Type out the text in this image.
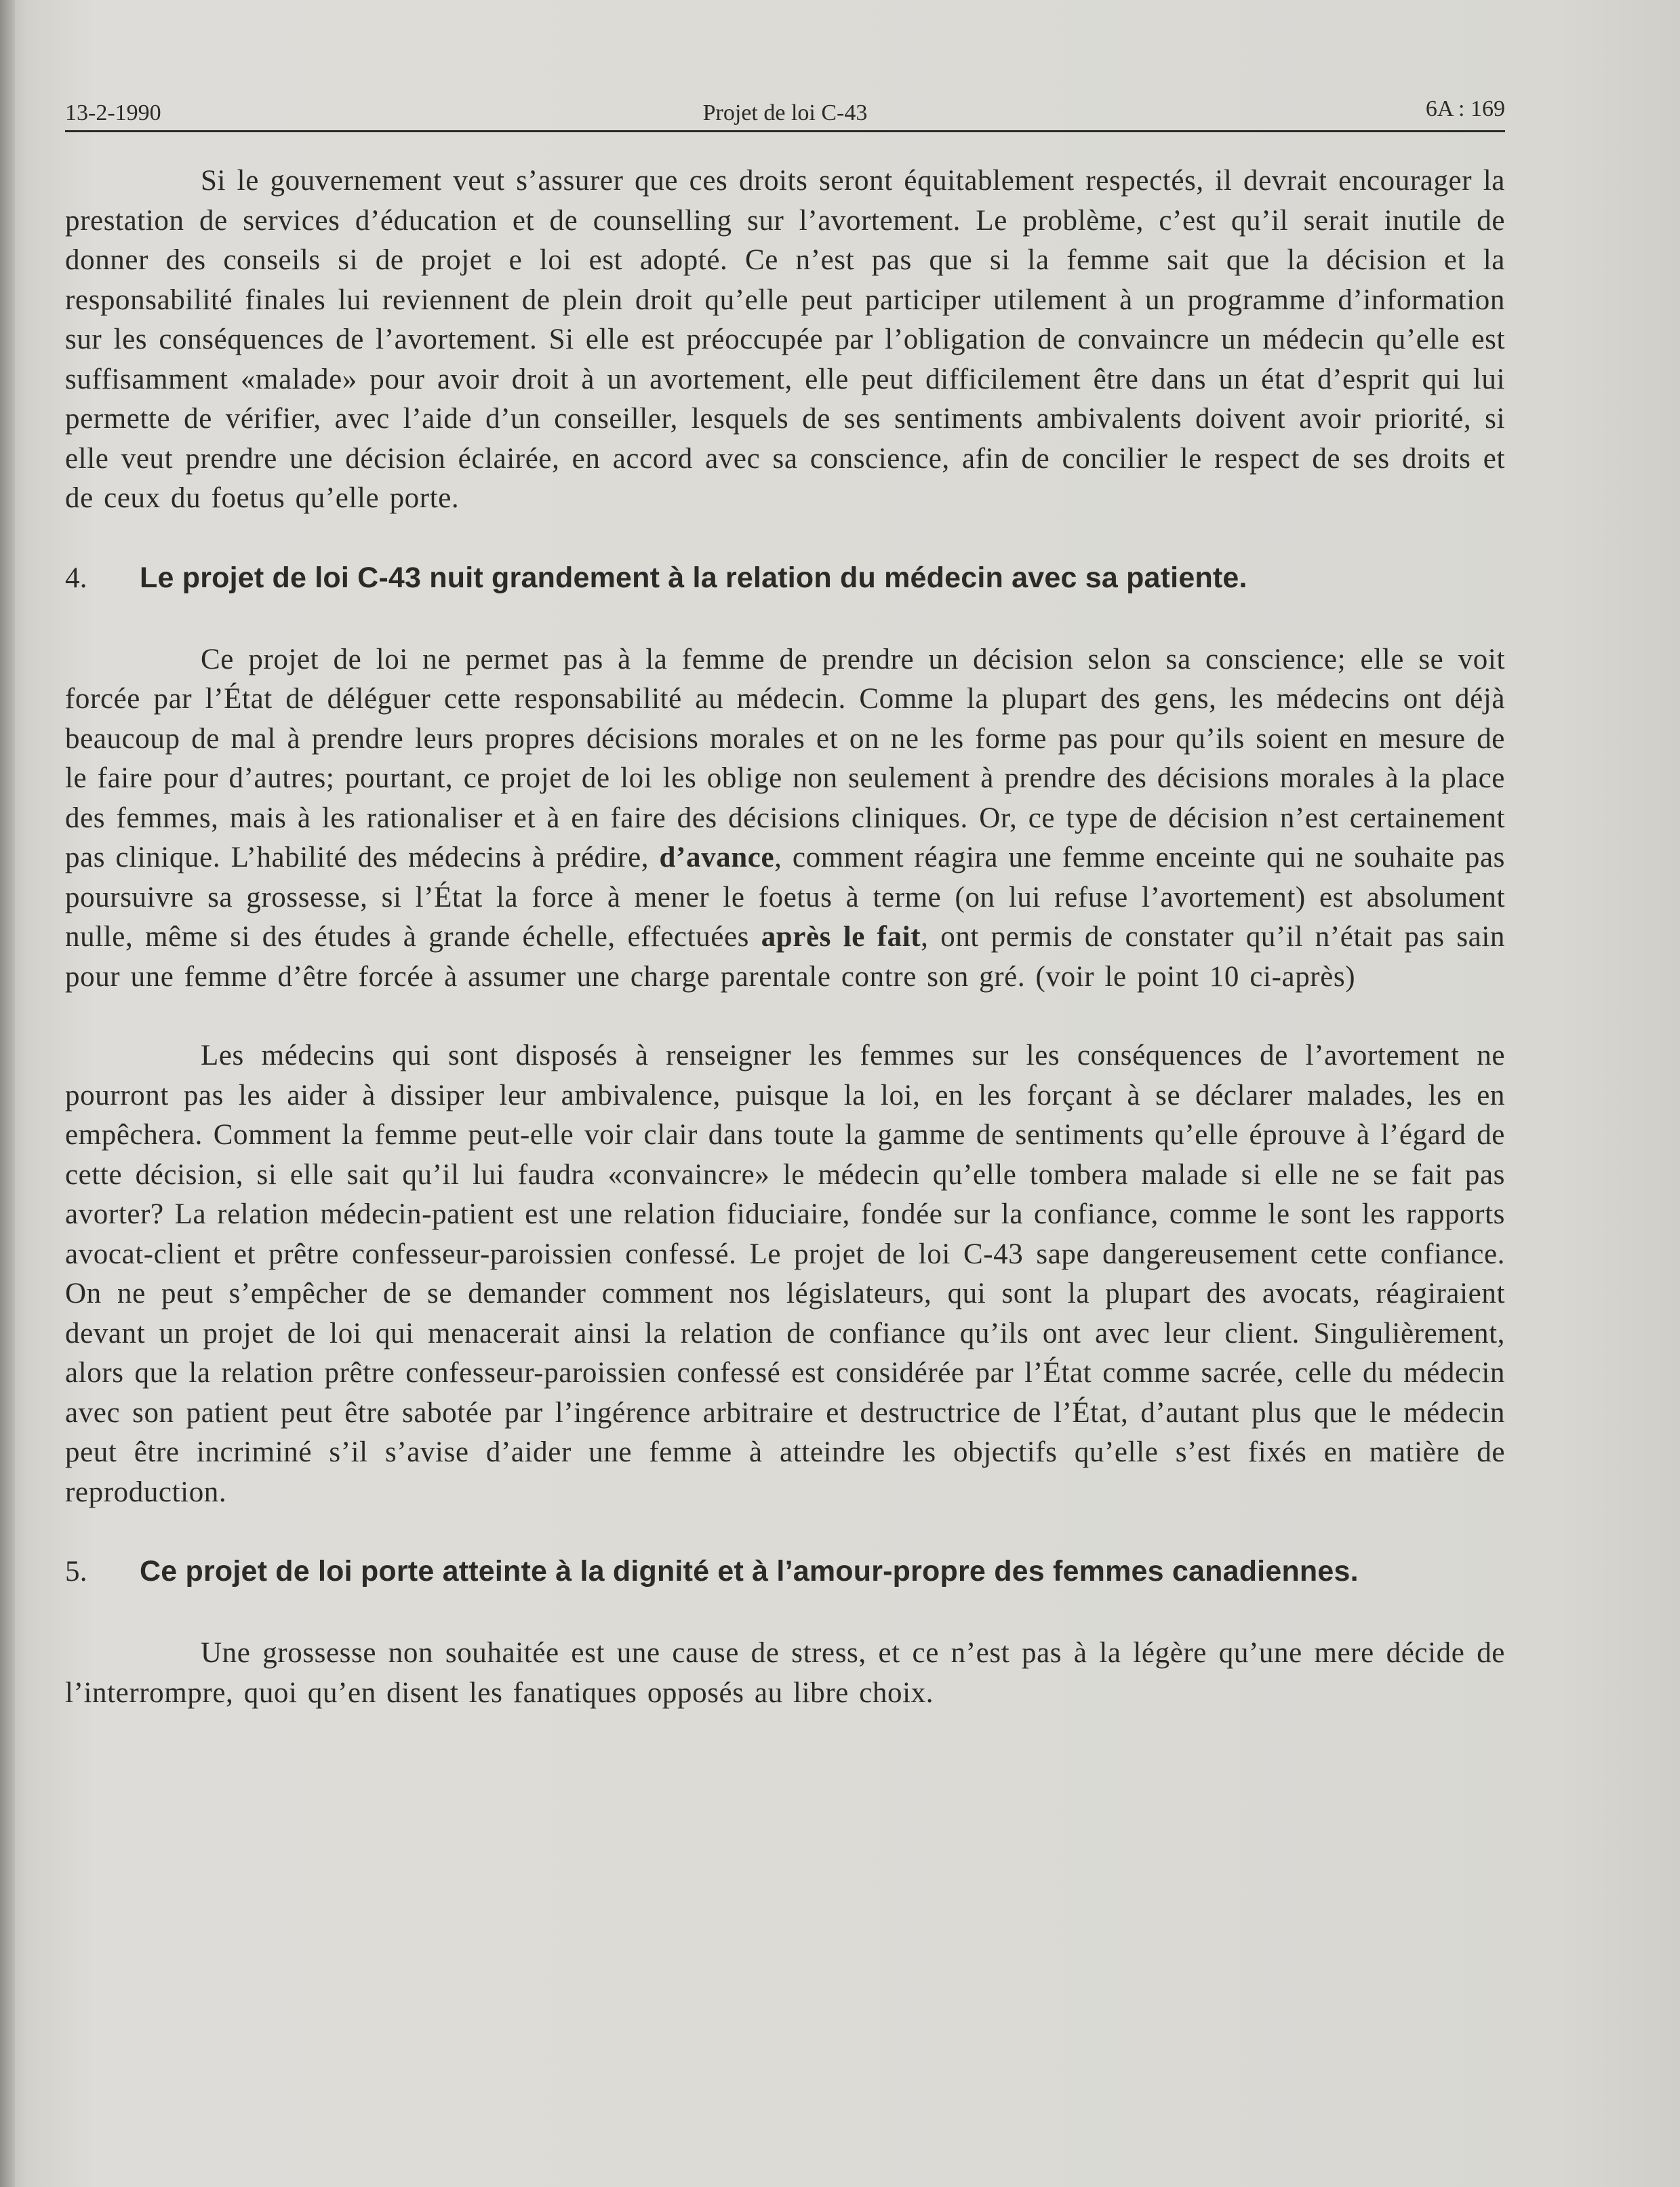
13-2-1990	Projet de loi C-43	6A : 169

Si le gouvernement veut s’assurer que ces droits seront équitablement respectés, il devrait encourager la prestation de services d’éducation et de counselling sur l’avortement. Le problème, c’est qu’il serait inutile de donner des conseils si de projet e loi est adopté. Ce n’est pas que si la femme sait que la décision et la responsabilité finales lui reviennent de plein droit qu’elle peut participer utilement à un programme d’information sur les conséquences de l’avortement. Si elle est préoccupée par l’obligation de convaincre un médecin qu’elle est suffisamment «malade» pour avoir droit à un avortement, elle peut difficilement être dans un état d’esprit qui lui permette de vérifier, avec l’aide d’un conseiller, lesquels de ses sentiments ambivalents doivent avoir priorité, si elle veut prendre une décision éclairée, en accord avec sa conscience, afin de concilier le respect de ses droits et de ceux du foetus qu’elle porte.

4. Le projet de loi C-43 nuit grandement à la relation du médecin avec sa patiente.

Ce projet de loi ne permet pas à la femme de prendre un décision selon sa conscience; elle se voit forcée par l’État de déléguer cette responsabilité au médecin. Comme la plupart des gens, les médecins ont déjà beaucoup de mal à prendre leurs propres décisions morales et on ne les forme pas pour qu’ils soient en mesure de le faire pour d’autres; pourtant, ce projet de loi les oblige non seulement à prendre des décisions morales à la place des femmes, mais à les rationaliser et à en faire des décisions cliniques. Or, ce type de décision n’est certainement pas clinique. L’habilité des médecins à prédire, d’avance, comment réagira une femme enceinte qui ne souhaite pas poursuivre sa grossesse, si l’État la force à mener le foetus à terme (on lui refuse l’avortement) est absolument nulle, même si des études à grande échelle, effectuées après le fait, ont permis de constater qu’il n’était pas sain pour une femme d’être forcée à assumer une charge parentale contre son gré. (voir le point 10 ci-après)

Les médecins qui sont disposés à renseigner les femmes sur les conséquences de l’avortement ne pourront pas les aider à dissiper leur ambivalence, puisque la loi, en les forçant à se déclarer malades, les en empêchera. Comment la femme peut-elle voir clair dans toute la gamme de sentiments qu’elle éprouve à l’égard de cette décision, si elle sait qu’il lui faudra «convaincre» le médecin qu’elle tombera malade si elle ne se fait pas avorter? La relation médecin-patient est une relation fiduciaire, fondée sur la confiance, comme le sont les rapports avocat-client et prêtre confesseur-paroissien confessé. Le projet de loi C-43 sape dangereusement cette confiance. On ne peut s’empêcher de se demander comment nos législateurs, qui sont la plupart des avocats, réagiraient devant un projet de loi qui menacerait ainsi la relation de confiance qu’ils ont avec leur client. Singulièrement, alors que la relation prêtre confesseur-paroissien confessé est considérée par l’État comme sacrée, celle du médecin avec son patient peut être sabotée par l’ingérence arbitraire et destructrice de l’État, d’autant plus que le médecin peut être incriminé s’il s’avise d’aider une femme à atteindre les objectifs qu’elle s’est fixés en matière de reproduction.

5. Ce projet de loi porte atteinte à la dignité et à l’amour-propre des femmes canadiennes.

Une grossesse non souhaitée est une cause de stress, et ce n’est pas à la légère qu’une mere décide de l’interrompre, quoi qu’en disent les fanatiques opposés au libre choix.
